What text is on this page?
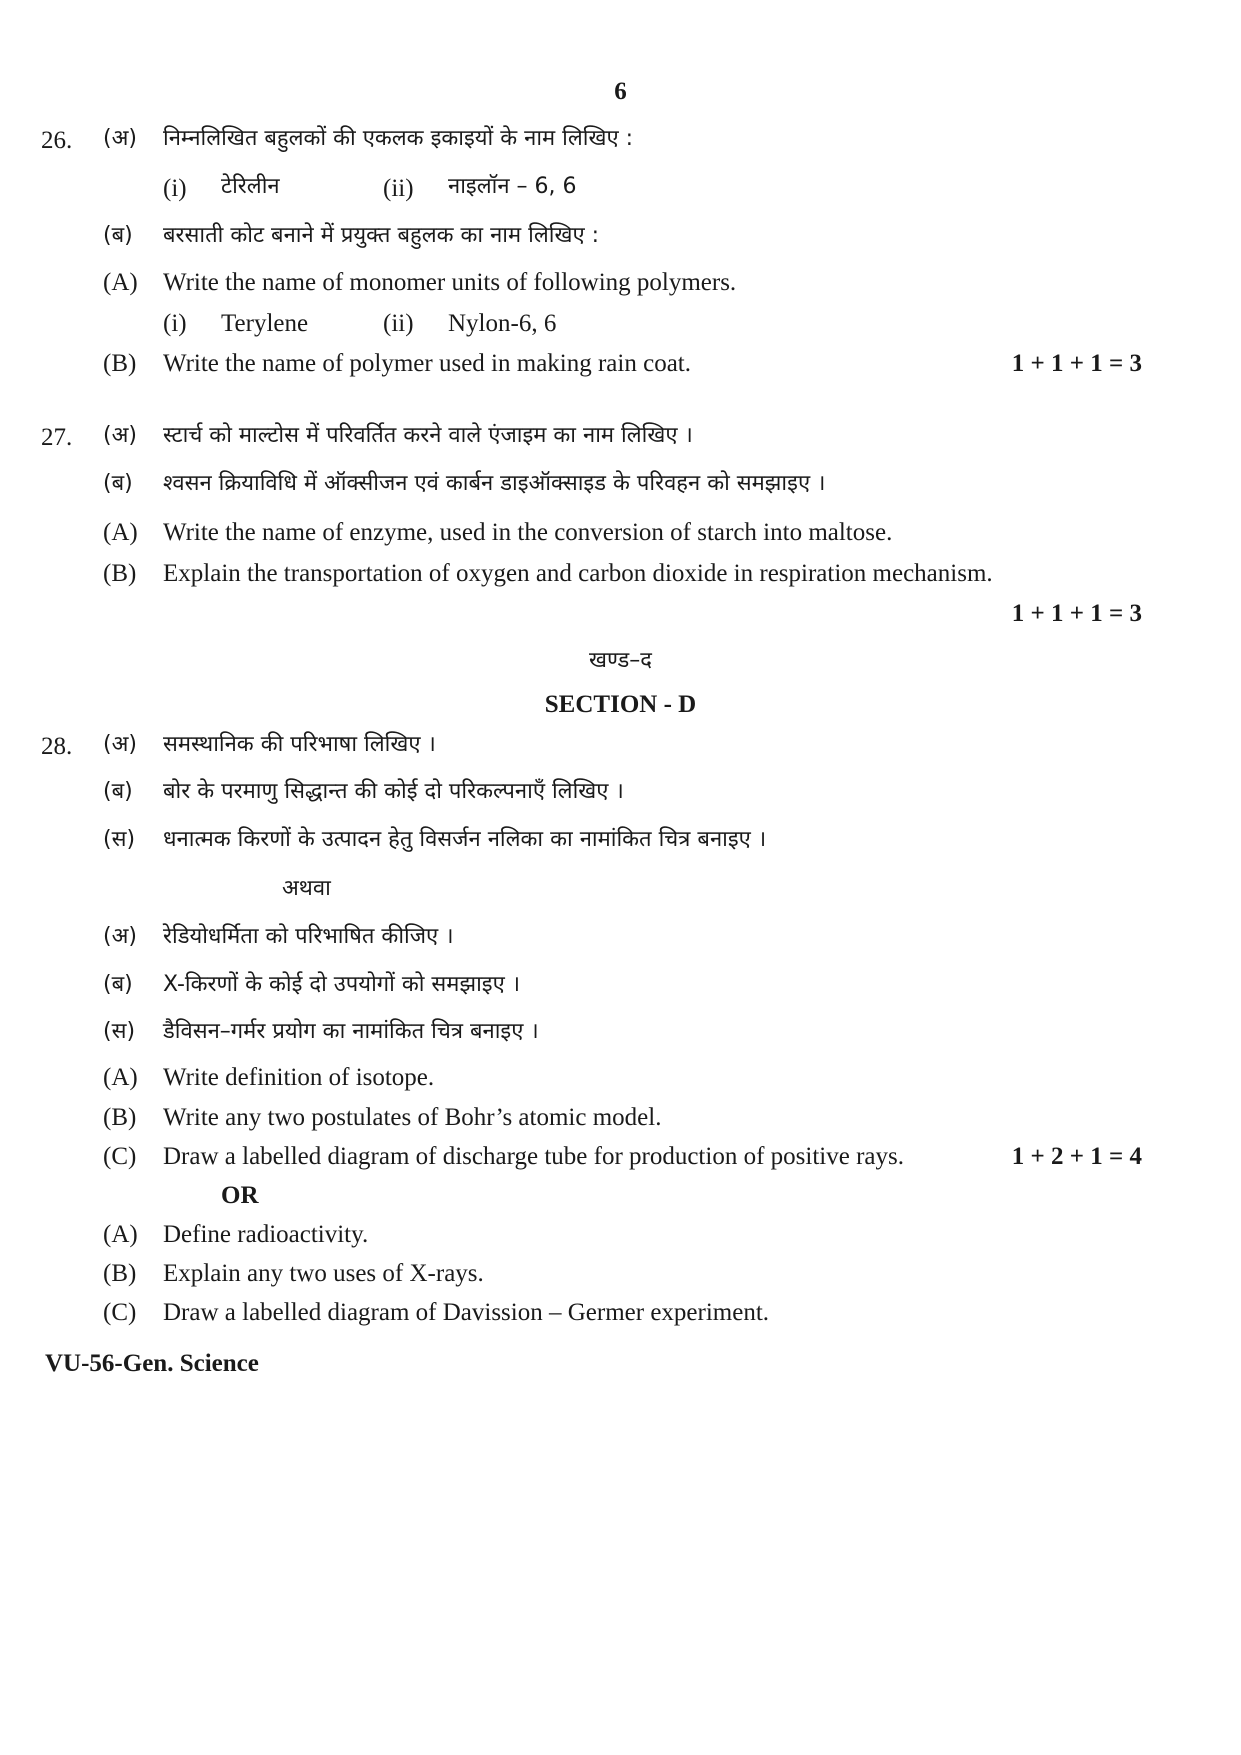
6
26. (अ) निम्नलिखित बहुलकों की एकलक इकाइयों के नाम लिखिए :
(i) टेरिलीन	(ii) नाइलॉन – 6, 6
(ब) बरसाती कोट बनाने में प्रयुक्त बहुलक का नाम लिखिए :
(A) Write the name of monomer units of following polymers.
(i) Terylene	(ii) Nylon-6, 6
(B) Write the name of polymer used in making rain coat.	1 + 1 + 1 = 3
27. (अ) स्टार्च को माल्टोस में परिवर्तित करने वाले एंजाइम का नाम लिखिए ।
(ब) श्वसन क्रियाविधि में ऑक्सीजन एवं कार्बन डाइऑक्साइड के परिवहन को समझाइए ।
(A) Write the name of enzyme, used in the conversion of starch into maltose.
(B) Explain the transportation of oxygen and carbon dioxide in respiration mechanism.
1 + 1 + 1 = 3
खण्ड–द
SECTION - D
28. (अ) समस्थानिक की परिभाषा लिखिए ।
(ब) बोर के परमाणु सिद्धान्त की कोई दो परिकल्पनाएँ लिखिए ।
(स) धनात्मक किरणों के उत्पादन हेतु विसर्जन नलिका का नामांकित चित्र बनाइए ।
अथवा
(अ) रेडियोधर्मिता को परिभाषित कीजिए ।
(ब) X-किरणों के कोई दो उपयोगों को समझाइए ।
(स) डैविसन–गर्मर प्रयोग का नामांकित चित्र बनाइए ।
(A) Write definition of isotope.
(B) Write any two postulates of Bohr’s atomic model.
(C) Draw a labelled diagram of discharge tube for production of positive rays.	1 + 2 + 1 = 4
OR
(A) Define radioactivity.
(B) Explain any two uses of X-rays.
(C) Draw a labelled diagram of Davission – Germer experiment.
VU-56-Gen. Science
